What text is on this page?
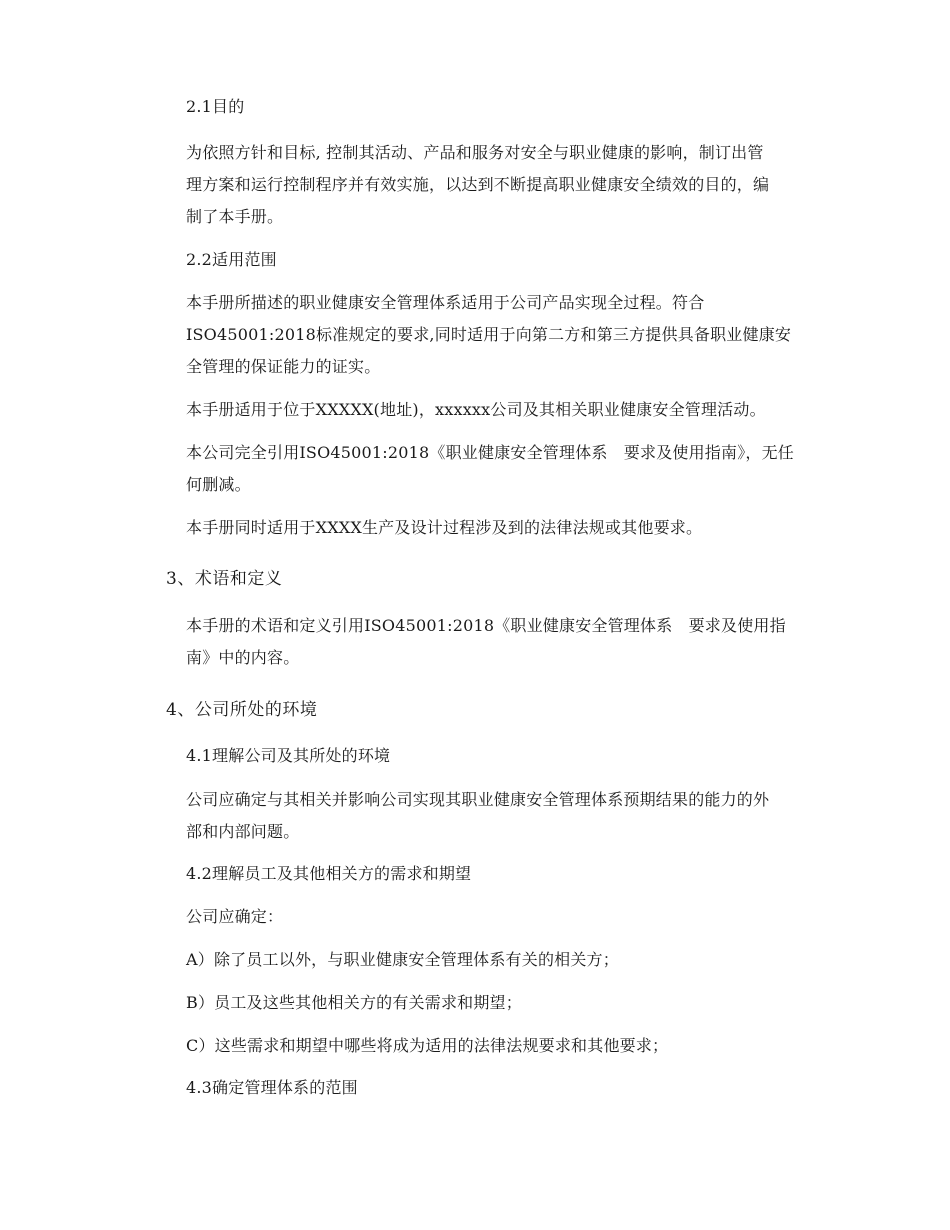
2.1目的
为依照方针和目标, 控制其活动、产品和服务对安全与职业健康的影响，制订出管
理方案和运行控制程序并有效实施，以达到不断提高职业健康安全绩效的目的，编
制了本手册。
2.2适用范围
本手册所描述的职业健康安全管理体系适用于公司产品实现全过程。符合
ISO45001:2018标准规定的要求,同时适用于向第二方和第三方提供具备职业健康安
全管理的保证能力的证实。
本手册适用于位于XXXXX(地址)，xxxxxx公司及其相关职业健康安全管理活动。
本公司完全引用ISO45001:2018《职业健康安全管理体系　要求及使用指南》，无任
何删减。
本手册同时适用于XXXX生产及设计过程涉及到的法律法规或其他要求。
3、术语和定义
本手册的术语和定义引用ISO45001:2018《职业健康安全管理体系　要求及使用指
南》中的内容。
4、公司所处的环境
4.1理解公司及其所处的环境
公司应确定与其相关并影响公司实现其职业健康安全管理体系预期结果的能力的外
部和内部问题。
4.2理解员工及其他相关方的需求和期望
公司应确定：
A）除了员工以外，与职业健康安全管理体系有关的相关方；
B）员工及这些其他相关方的有关需求和期望；
C）这些需求和期望中哪些将成为适用的法律法规要求和其他要求；
4.3确定管理体系的范围
